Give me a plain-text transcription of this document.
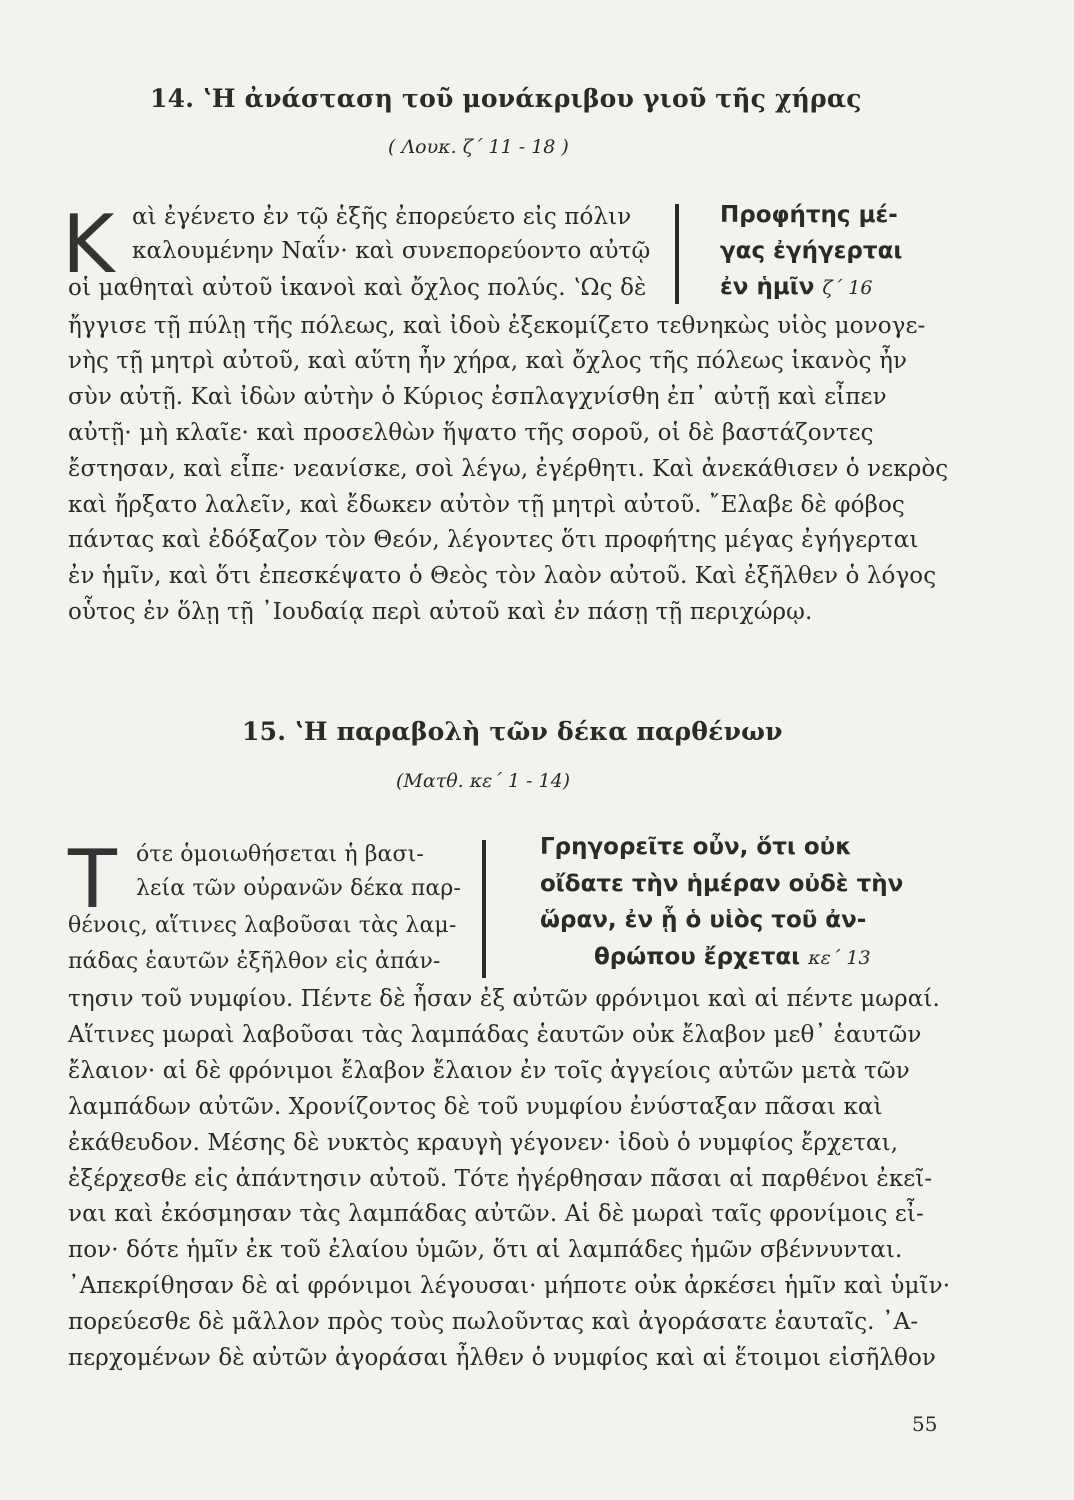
14. ʽΗ ἀνάσταση τοῦ μονάκριβου γιοῦ τῆς χήρας
( Λουκ. ζ΄ 11 - 18 )
Κ αὶ ἐγένετο ἐν τῷ ἑξῆς ἐπορεύετο εἰς πόλιν
καλουμένην Ναΐν· καὶ συνεπορεύοντο αὐτῷ
οἱ μαθηταὶ αὐτοῦ ἱκανοὶ καὶ ὄχλος πολύς. ʽΩς δὲ
Προφήτης μέ-
γας ἐγήγερται
ἐν ἡμῖν ζ΄ 16
ἤγγισε τῇ πύλῃ τῆς πόλεως, καὶ ἰδοὺ ἐξεκομίζετο τεθνηκὼς υἱὸς μονογε-
νὴς τῇ μητρὶ αὐτοῦ, καὶ αὕτη ἦν χήρα, καὶ ὄχλος τῆς πόλεως ἱκανὸς ἦν
σὺν αὐτῇ. Καὶ ἰδὼν αὐτὴν ὁ Κύριος ἐσπλαγχνίσθη ἐπ᾽ αὐτῇ καὶ εἶπεν
αὐτῇ· μὴ κλαῖε· καὶ προσελθὼν ἥψατο τῆς σοροῦ, οἱ δὲ βαστάζοντες
ἔστησαν, καὶ εἶπε· νεανίσκε, σοὶ λέγω, ἐγέρθητι. Καὶ ἀνεκάθισεν ὁ νεκρὸς
καὶ ἤρξατο λαλεῖν, καὶ ἔδωκεν αὐτὸν τῇ μητρὶ αὐτοῦ. ῎Ελαβε δὲ φόβος
πάντας καὶ ἐδόξαζον τὸν Θεόν, λέγοντες ὅτι προφήτης μέγας ἐγήγερται
ἐν ἡμῖν, καὶ ὅτι ἐπεσκέψατο ὁ Θεὸς τὸν λαὸν αὐτοῦ. Καὶ ἐξῆλθεν ὁ λόγος
οὗτος ἐν ὅλῃ τῇ ᾿Ιουδαίᾳ περὶ αὐτοῦ καὶ ἐν πάσῃ τῇ περιχώρῳ.
15. ʽΗ παραβολὴ τῶν δέκα παρθένων
(Ματθ. κε΄ 1 - 14)
Τ ότε ὁμοιωθήσεται ἡ βασι-
λεία τῶν οὐρανῶν δέκα παρ-
θένοις, αἵτινες λαβοῦσαι τὰς λαμ-
πάδας ἑαυτῶν ἐξῆλθον εἰς ἀπάν-
Γρηγορεῖτε οὖν, ὅτι οὐκ
οἴδατε τὴν ἡμέραν οὐδὲ τὴν
ὥραν, ἐν ᾗ ὁ υἱὸς τοῦ ἀν-
θρώπου ἔρχεται κε΄ 13
τησιν τοῦ νυμφίου. Πέντε δὲ ἦσαν ἐξ αὐτῶν φρόνιμοι καὶ αἱ πέντε μωραί.
Αἵτινες μωραὶ λαβοῦσαι τὰς λαμπάδας ἑαυτῶν οὐκ ἔλαβον μεθ᾽ ἑαυτῶν
ἔλαιον· αἱ δὲ φρόνιμοι ἔλαβον ἔλαιον ἐν τοῖς ἀγγείοις αὐτῶν μετὰ τῶν
λαμπάδων αὐτῶν. Χρονίζοντος δὲ τοῦ νυμφίου ἐνύσταξαν πᾶσαι καὶ
ἐκάθευδον. Μέσης δὲ νυκτὸς κραυγὴ γέγονεν· ἰδοὺ ὁ νυμφίος ἔρχεται,
ἐξέρχεσθε εἰς ἀπάντησιν αὐτοῦ. Τότε ἠγέρθησαν πᾶσαι αἱ παρθένοι ἐκεῖ-
ναι καὶ ἐκόσμησαν τὰς λαμπάδας αὐτῶν. Αἱ δὲ μωραὶ ταῖς φρονίμοις εἶ-
πον· δότε ἡμῖν ἐκ τοῦ ἐλαίου ὑμῶν, ὅτι αἱ λαμπάδες ἡμῶν σβέννυνται.
᾿Απεκρίθησαν δὲ αἱ φρόνιμοι λέγουσαι· μήποτε οὐκ ἀρκέσει ἡμῖν καὶ ὑμῖν·
πορεύεσθε δὲ μᾶλλον πρὸς τοὺς πωλοῦντας καὶ ἀγοράσατε ἑαυταῖς. ᾿Α-
περχομένων δὲ αὐτῶν ἀγοράσαι ἦλθεν ὁ νυμφίος καὶ αἱ ἕτοιμοι εἰσῆλθον
55
